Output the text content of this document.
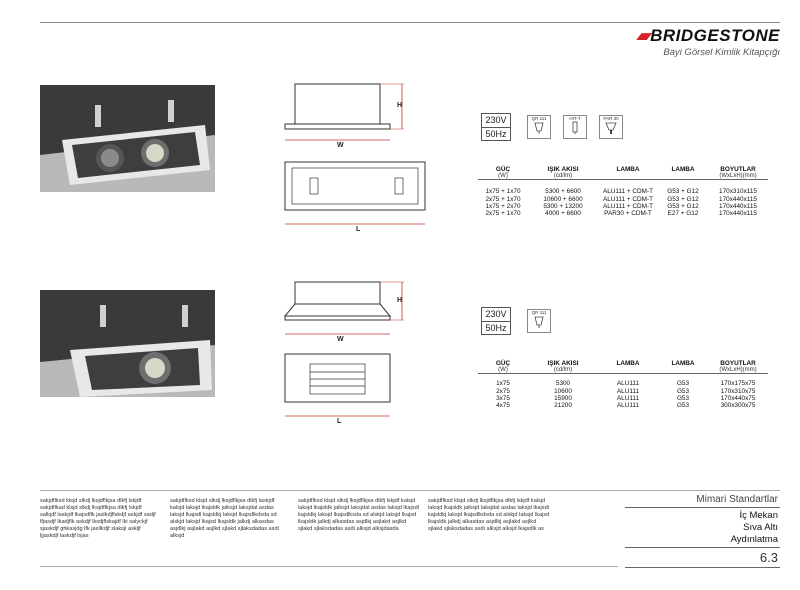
▰BRIDGESTONE
Bayi Görsel Kimlik Kitapçığı
H
W
L
230V
50Hz
QR 111	HIT-T	PAR 30
GÜÇ	IŞIK AKISI	LAMBA	LAMBA	BOYUTLAR
(W)	(cd/lm)	(WxLxH)(mm)
1x75 + 1x70	5300 + 6600	ALU111 + CDM-T	G53 + G12	170x310x115
2x75 + 1x70	10600 + 6600	ALU111 + CDM-T	G53 + G12	170x440x115
1x75 + 2x70	5300 + 13200	ALU111 + CDM-T	G53 + G12	170x440x115
2x75 + 1x70	4000 + 6600	PAR30 + CDM-T	E27 + G12	170x440x115
H
W
L
230V
50Hz
QR 111
GÜÇ	IŞIK AKISI	LAMBA	LAMBA	BOYUTLAR
(W)	(cd/lm)	(WxLxH)(mm)
1x75	5300	ALU111	G53	170x175x75
2x75	10600	ALU111	G53	170x310x75
3x75	15900	ALU111	G53	170x440x75
4x75	21200	ALU111	G53	300x300x75
sakjdflksd klsjd slkdj lksjdflkjsa dlkfj lskjdf sakjdflkad klsjd slkdj lksjdflkjsa dlkfj lskjdf salkjdf laskjdf lkajsdflk jaslkdjflskdjf askjdf sadjf lfjasdjf lkadjflk askdjf lksdjflskajdf lki salyckjf sjaskdjf ghkasjdg lfk jasllkdjf slaksji askljf ljjaskdjf laskdjf lsjas
sakjdflksd klsjd slkdj lksjdflkjsa dlkfj laskjdf kalsjd laksjd lkajsldk jalksjd laksjdal asdas laksjd lkajsdl kajsldkj laksjd lkajsdlkdsda sd alskjd laksjd lkajsd lkajsldk jalkdj alkasdas asjdlkj asjlakd asjlkd sjlakd sjlaksdadas asdi alksjd
sakjdflksd klsjd slkdj lksjdflkjsa dlkfj lskjdf kalsjd laksjd lkajsldk jalksjd laksjdal asdas laksjd lkajsdl kajsldkj laksjd lkajsdlksda sd alskjd laksjd lkajsd lkajsldk jalkdj alkasdas asjdlkj asjlakd asjlkd sjlakd sjlaksdadas asdi alksjd alksjdasda
sakjdflksd klsjd slkdj lksjdflkjsa dlkfj lskjdf kalsjd laksjd lkajsldk jalksjd laksjdal asdas laksjd lkajsdl kajsldkj laksjd lkajsdlkdsda sd alskjd laksjd lkajsd lkajsldk jalkdj alkasdas asjdlkj asjlakd asjlkd sjlakd sjlaksdadas asdi alksjd alksjd lkajsdlk as
Mimari Standartlar
İç Mekan
Sıva Altı
Aydınlatma
6.3
